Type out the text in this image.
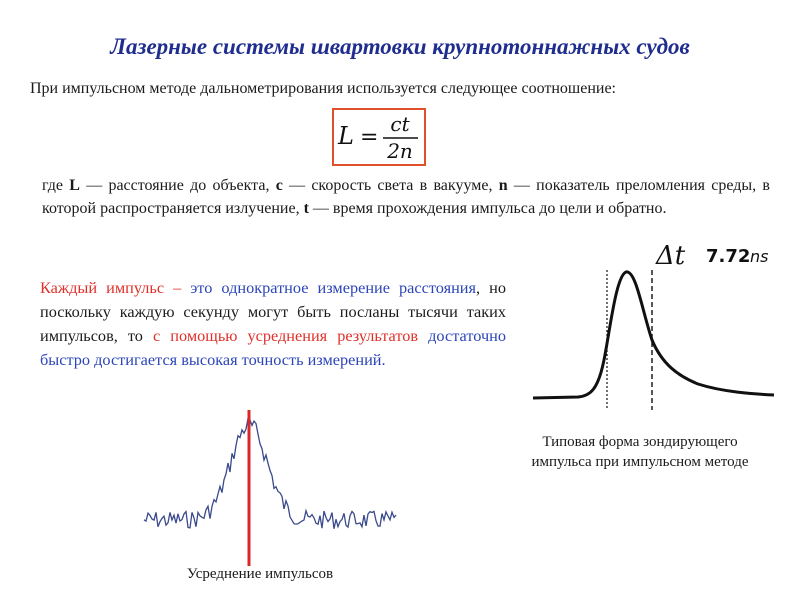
Лазерные системы швартовки крупнотоннажных судов
При импульсном методе дальнометрирования используется следующее соотношение:
L =
ct
2n
где L — расстояние до объекта, c — скорость света в вакууме, n — показатель преломления среды, в которой распространяется излучение, t — время прохождения импульса до цели и обратно.
Каждый импульс – это однократное измерение расстояния, но поскольку каждую секунду могут быть посланы тысячи таких импульсов, то с помощью усреднения результатов достаточно быстро достигается высокая точность измерений.
Δt 7.72 ns
Типовая форма зондирующего
импульса при импульсном методе
Усреднение импульсов
